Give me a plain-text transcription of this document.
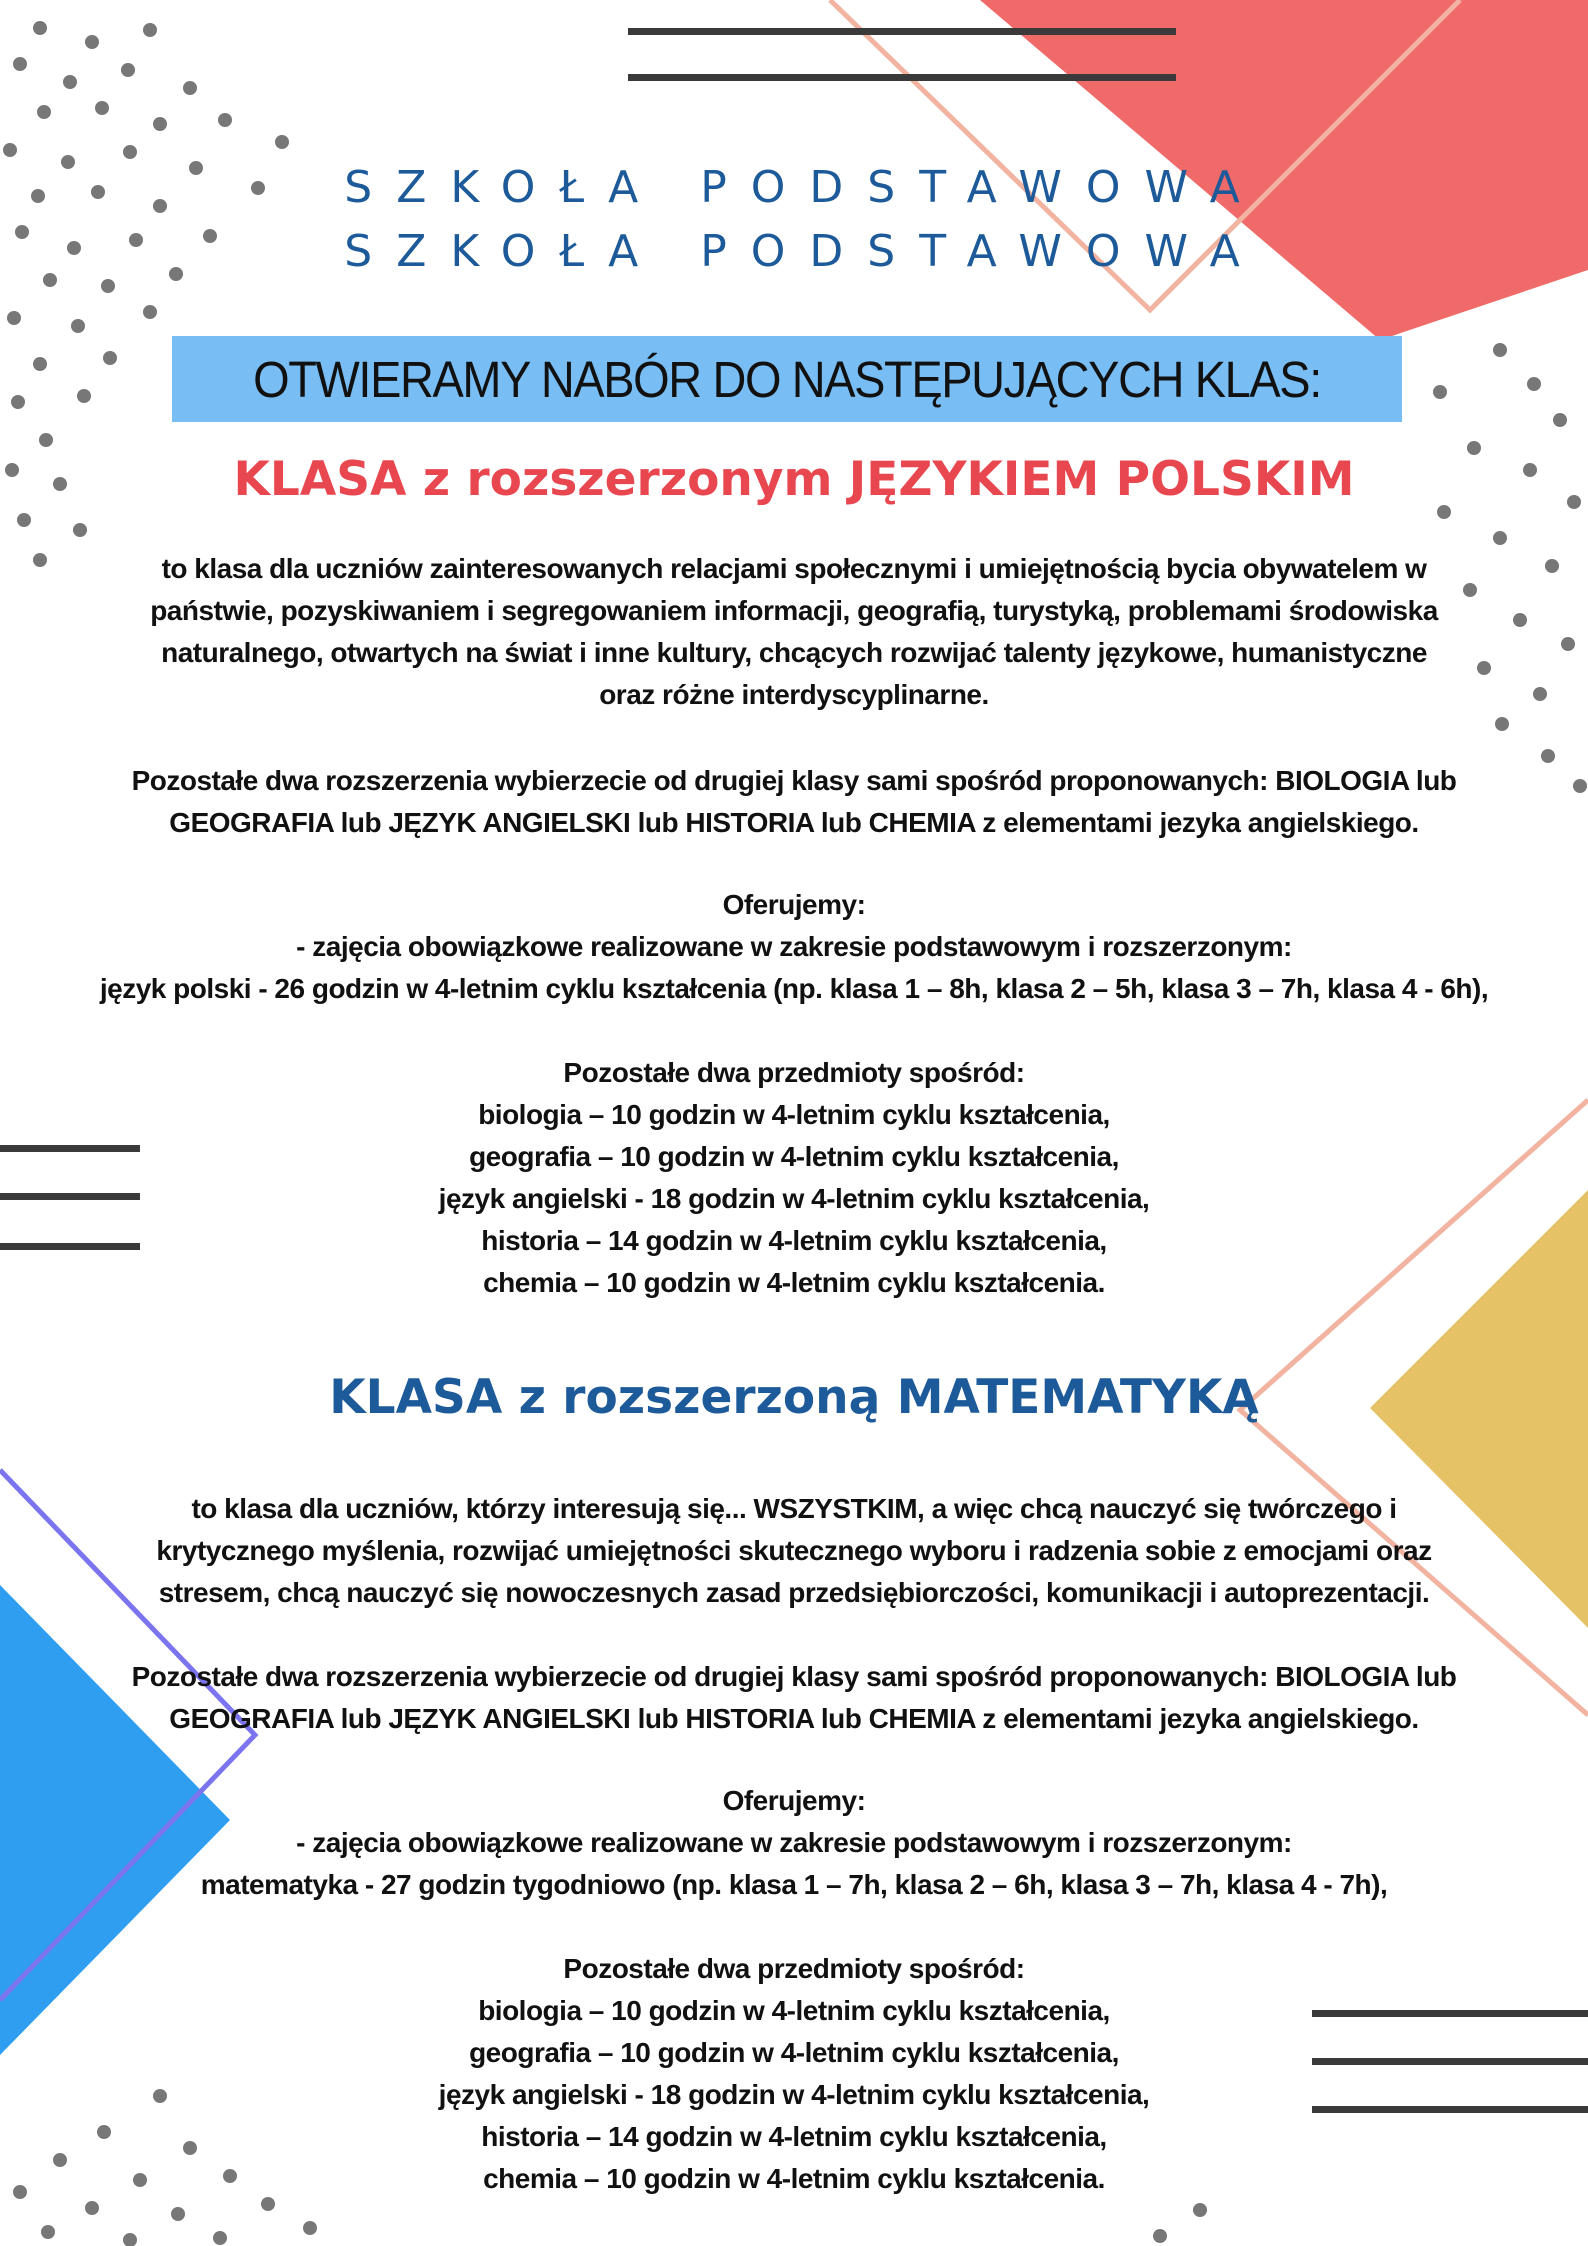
SZKOŁA PODSTAWOWA
SZKOŁA PODSTAWOWA
OTWIERAMY NABÓR DO NASTĘPUJĄCYCH KLAS:
KLASA z rozszerzonym JĘZYKIEM POLSKIM
to klasa dla uczniów zainteresowanych relacjami społecznymi i umiejętnością bycia obywatelem w
państwie, pozyskiwaniem i segregowaniem informacji, geografią, turystyką, problemami środowiska
naturalnego, otwartych na świat i inne kultury, chcących rozwijać talenty językowe, humanistyczne
oraz różne interdyscyplinarne.
Pozostałe dwa rozszerzenia wybierzecie od drugiej klasy sami spośród proponowanych: BIOLOGIA lub
GEOGRAFIA lub JĘZYK ANGIELSKI lub HISTORIA lub CHEMIA z elementami jezyka angielskiego.
Oferujemy:
- zajęcia obowiązkowe realizowane w zakresie podstawowym i rozszerzonym:
język polski - 26 godzin w 4-letnim cyklu kształcenia (np. klasa 1 – 8h, klasa 2 – 5h, klasa 3 – 7h, klasa 4 - 6h),
Pozostałe dwa przedmioty spośród:
biologia – 10 godzin w 4-letnim cyklu kształcenia,
geografia – 10 godzin w 4-letnim cyklu kształcenia,
język angielski - 18 godzin w 4-letnim cyklu kształcenia,
historia – 14 godzin w 4-letnim cyklu kształcenia,
chemia – 10 godzin w 4-letnim cyklu kształcenia.
KLASA z rozszerzoną MATEMATYKĄ
to klasa dla uczniów, którzy interesują się... WSZYSTKIM, a więc chcą nauczyć się twórczego i
krytycznego myślenia, rozwijać umiejętności skutecznego wyboru i radzenia sobie z emocjami oraz
stresem, chcą nauczyć się nowoczesnych zasad przedsiębiorczości, komunikacji i autoprezentacji.
Pozostałe dwa rozszerzenia wybierzecie od drugiej klasy sami spośród proponowanych: BIOLOGIA lub
GEOGRAFIA lub JĘZYK ANGIELSKI lub HISTORIA lub CHEMIA z elementami jezyka angielskiego.
Oferujemy:
- zajęcia obowiązkowe realizowane w zakresie podstawowym i rozszerzonym:
matematyka - 27 godzin tygodniowo (np. klasa 1 – 7h, klasa 2 – 6h, klasa 3 – 7h, klasa 4 - 7h),
Pozostałe dwa przedmioty spośród:
biologia – 10 godzin w 4-letnim cyklu kształcenia,
geografia – 10 godzin w 4-letnim cyklu kształcenia,
język angielski - 18 godzin w 4-letnim cyklu kształcenia,
historia – 14 godzin w 4-letnim cyklu kształcenia,
chemia – 10 godzin w 4-letnim cyklu kształcenia.
